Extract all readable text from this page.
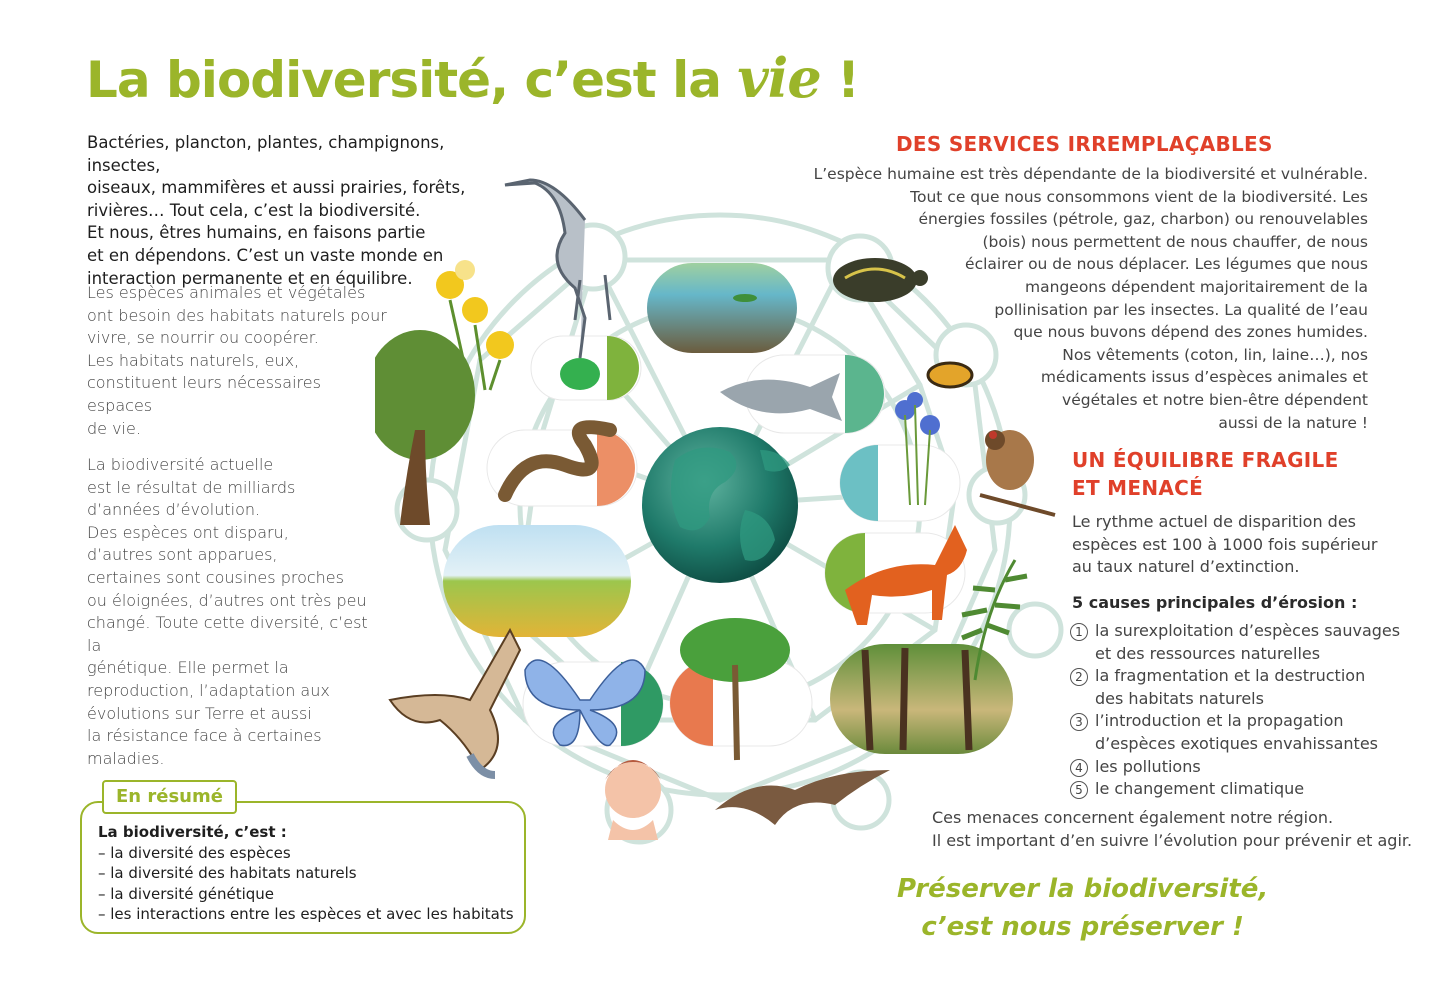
La biodiversité, c’est la vie !
Bactéries, plancton, plantes, champignons, insectes,
oiseaux, mammifères et aussi prairies, forêts,
rivières… Tout cela, c’est la biodiversité.
Et nous, êtres humains, en faisons partie
et en dépendons. C’est un vaste monde en
interaction permanente et en équilibre.
Les espèces animales et végétales
ont besoin des habitats naturels pour
vivre, se nourrir ou coopérer.
Les habitats naturels, eux,
constituent leurs nécessaires
espaces
de vie.
La biodiversité actuelle
est le résultat de milliards
d’années d’évolution.
Des espèces ont disparu,
d’autres sont apparues,
certaines sont cousines proches
ou éloignées, d’autres ont très peu
changé. Toute cette diversité, c’est la
génétique. Elle permet la
reproduction, l’adaptation aux
évolutions sur Terre et aussi
la résistance face à certaines
maladies.
En résumé
La biodiversité, c’est :
– la diversité des espèces
– la diversité des habitats naturels
– la diversité génétique
– les interactions entre les espèces et avec les habitats
DES SERVICES IRREMPLAÇABLES
L’espèce humaine est très dépendante de la biodiversité et vulnérable.
Tout ce que nous consommons vient de la biodiversité. Les
énergies fossiles (pétrole, gaz, charbon) ou renouvelables
(bois) nous permettent de nous chauffer, de nous
éclairer ou de nous déplacer. Les légumes que nous
mangeons dépendent majoritairement de la
pollinisation par les insectes. La qualité de l’eau
que nous buvons dépend des zones humides.
Nos vêtements (coton, lin, laine…), nos
médicaments issus d’espèces animales et
végétales et notre bien-être dépendent
aussi de la nature !
UN ÉQUILIBRE FRAGILE
ET MENACÉ
Le rythme actuel de disparition des
espèces est 100 à 1000 fois supérieur
au taux naturel d’extinction.
5 causes principales d’érosion :
1 la surexploitation d’espèces sauvages
et des ressources naturelles
2 la fragmentation et la destruction
des habitats naturels
3 l’introduction et la propagation
d’espèces exotiques envahissantes
4 les pollutions
5 le changement climatique
Ces menaces concernent également notre région.
Il est important d’en suivre l’évolution pour prévenir et agir.
Préserver la biodiversité,
c’est nous préserver !
